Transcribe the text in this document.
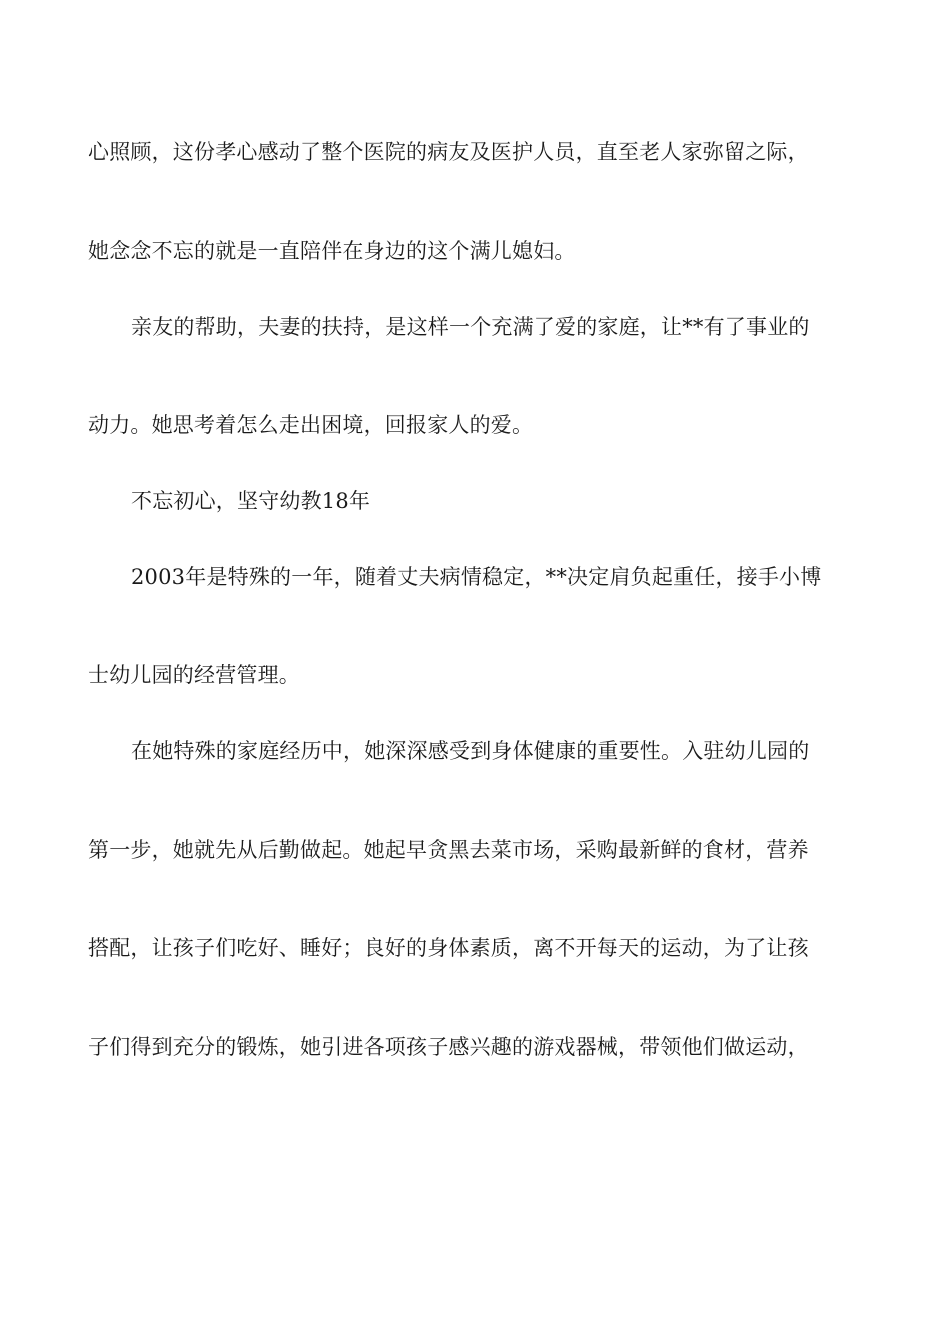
心照顾，这份孝心感动了整个医院的病友及医护人员，直至老人家弥留之际，
她念念不忘的就是一直陪伴在身边的这个满儿媳妇。
亲友的帮助，夫妻的扶持，是这样一个充满了爱的家庭，让**有了事业的
动力。她思考着怎么走出困境，回报家人的爱。
不忘初心，坚守幼教18年
2003年是特殊的一年，随着丈夫病情稳定，**决定肩负起重任，接手小博
士幼儿园的经营管理。
在她特殊的家庭经历中，她深深感受到身体健康的重要性。入驻幼儿园的
第一步，她就先从后勤做起。她起早贪黑去菜市场，采购最新鲜的食材，营养
搭配，让孩子们吃好、睡好；良好的身体素质，离不开每天的运动，为了让孩
子们得到充分的锻炼，她引进各项孩子感兴趣的游戏器械，带领他们做运动，
